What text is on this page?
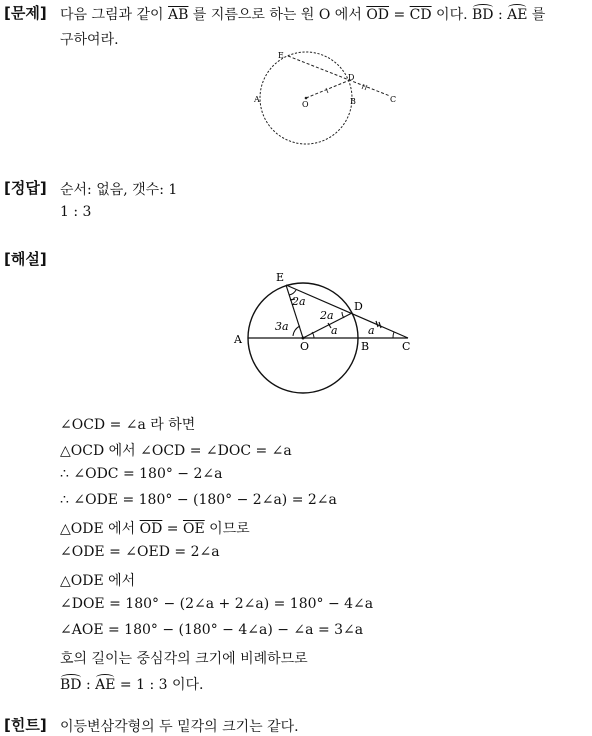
[문제] 다음 그림과 같이 $\overline{AB}$ 를 지름으로 하는 원 O 에서 $\overline{OD} = \overline{CD}$ 이다. BD : AE 를
구하여라.
E
D
A
O	B	C
[정답] 순서: 없음, 갯수: 1
1 : 3
[해설]
E
D
A
O	B	C
2a
2a
3a	a	a
∠OCD = ∠a 라 하면
△OCD 에서 ∠OCD = ∠DOC = ∠a
∴ ∠ODC = 180° − 2∠a
∴ ∠ODE = 180° − (180° − 2∠a) = 2∠a
△ODE 에서 $\overline{OD} = \overline{OE}$ 이므로
∠ODE = ∠OED = 2∠a
△ODE 에서
∠DOE = 180° − (2∠a + 2∠a) = 180° − 4∠a
∠AOE = 180° − (180° − 4∠a) − ∠a = 3∠a
호의 길이는 중심각의 크기에 비례하므로
BD : AE = 1 : 3 이다.
[힌트] 이등변삼각형의 두 밑각의 크기는 같다.
